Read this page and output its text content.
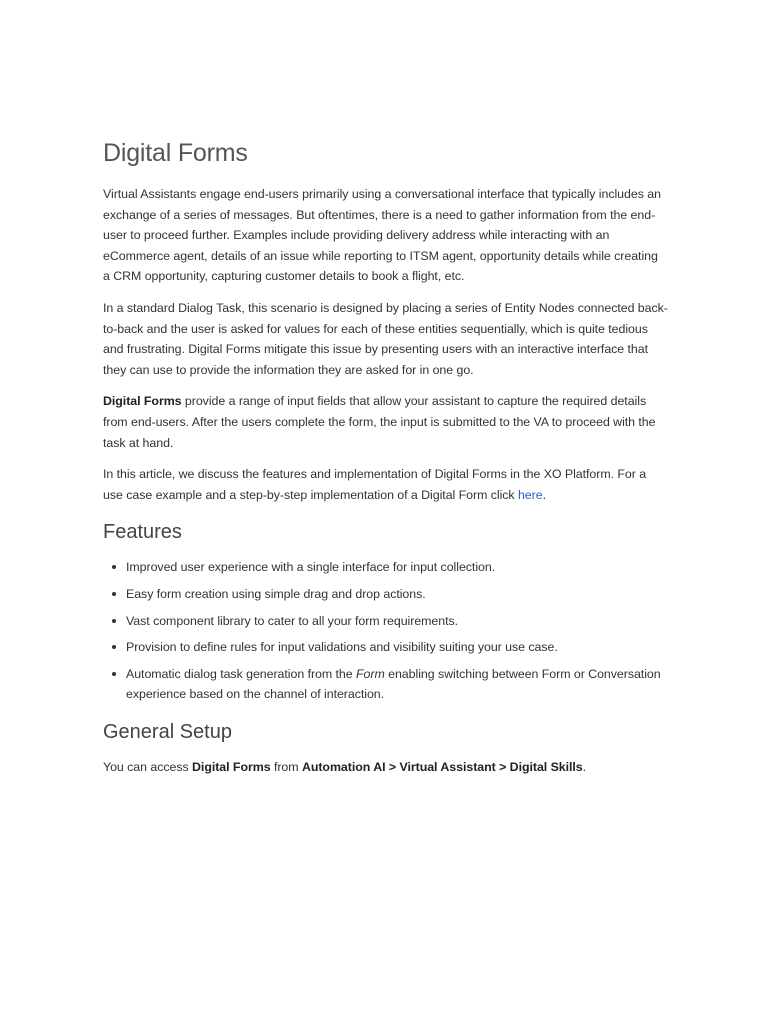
Digital Forms

Virtual Assistants engage end-users primarily using a conversational interface that typically includes an exchange of a series of messages. But oftentimes, there is a need to gather information from the end-user to proceed further. Examples include providing delivery address while interacting with an eCommerce agent, details of an issue while reporting to ITSM agent, opportunity details while creating a CRM opportunity, capturing customer details to book a flight, etc.

In a standard Dialog Task, this scenario is designed by placing a series of Entity Nodes connected back-to-back and the user is asked for values for each of these entities sequentially, which is quite tedious and frustrating. Digital Forms mitigate this issue by presenting users with an interactive interface that they can use to provide the information they are asked for in one go.

Digital Forms provide a range of input fields that allow your assistant to capture the required details from end-users. After the users complete the form, the input is submitted to the VA to proceed with the task at hand.

In this article, we discuss the features and implementation of Digital Forms in the XO Platform. For a use case example and a step-by-step implementation of a Digital Form click here.

Features
Improved user experience with a single interface for input collection.
Easy form creation using simple drag and drop actions.
Vast component library to cater to all your form requirements.
Provision to define rules for input validations and visibility suiting your use case.
Automatic dialog task generation from the Form enabling switching between Form or Conversation experience based on the channel of interaction.
General Setup

You can access Digital Forms from Automation AI > Virtual Assistant > Digital Skills.
